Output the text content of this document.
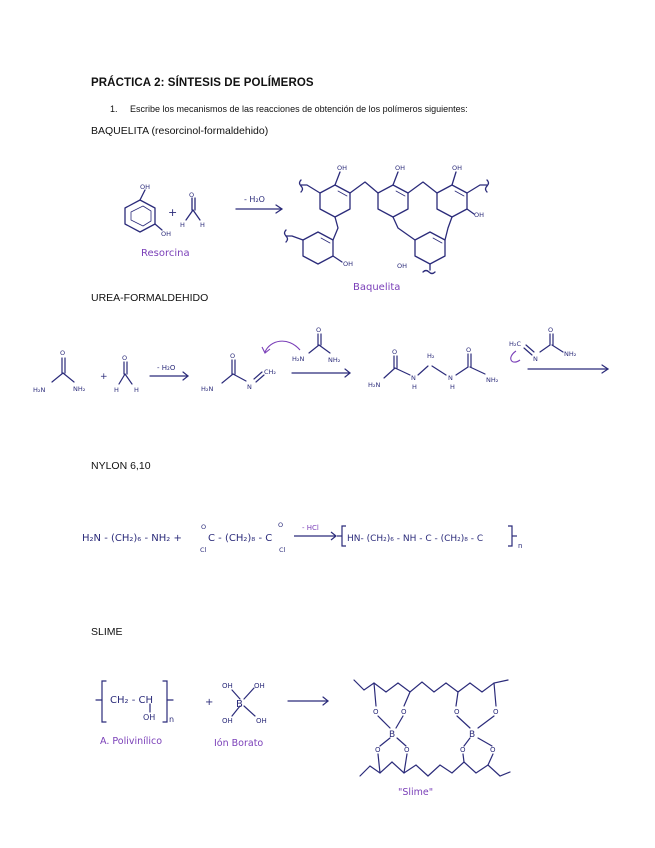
PRÁCTICA 2: SÍNTESIS DE POLÍMEROS
1. Escribe los mecanismos de las reacciones de obtención de los polímeros siguientes:
BAQUELITA (resorcinol-formaldehido)
OH
OH
O
H H
OH	OH	OH
OH
OH	OH
+
- H₂O
Resorcina
Baquelita
O
H₂N	NH₂
O
H H
O
H₂N	N
CH₂
O
H₂N	NH₂
O
H₂N
N
H
H₂
N
H
O
NH₂
H₂C
N
O
NH₂
+
- H₂O
H₂N - (CH₂)₆ - NH₂ +	C - (CH₂)₈ - C
Cl	Cl
O	O	- HCl
HN- (CH₂)₆ - NH - C - (CH₂)₈ - C
n
CH₂ - CH
OH n
+ B
OH	OH
OH	OH
O	O	O	O
O	O	O	O
B	B
A. Polivinílico	Ión Borato
"Slime"
UREA-FORMALDEHIDO
NYLON 6,10
SLIME
